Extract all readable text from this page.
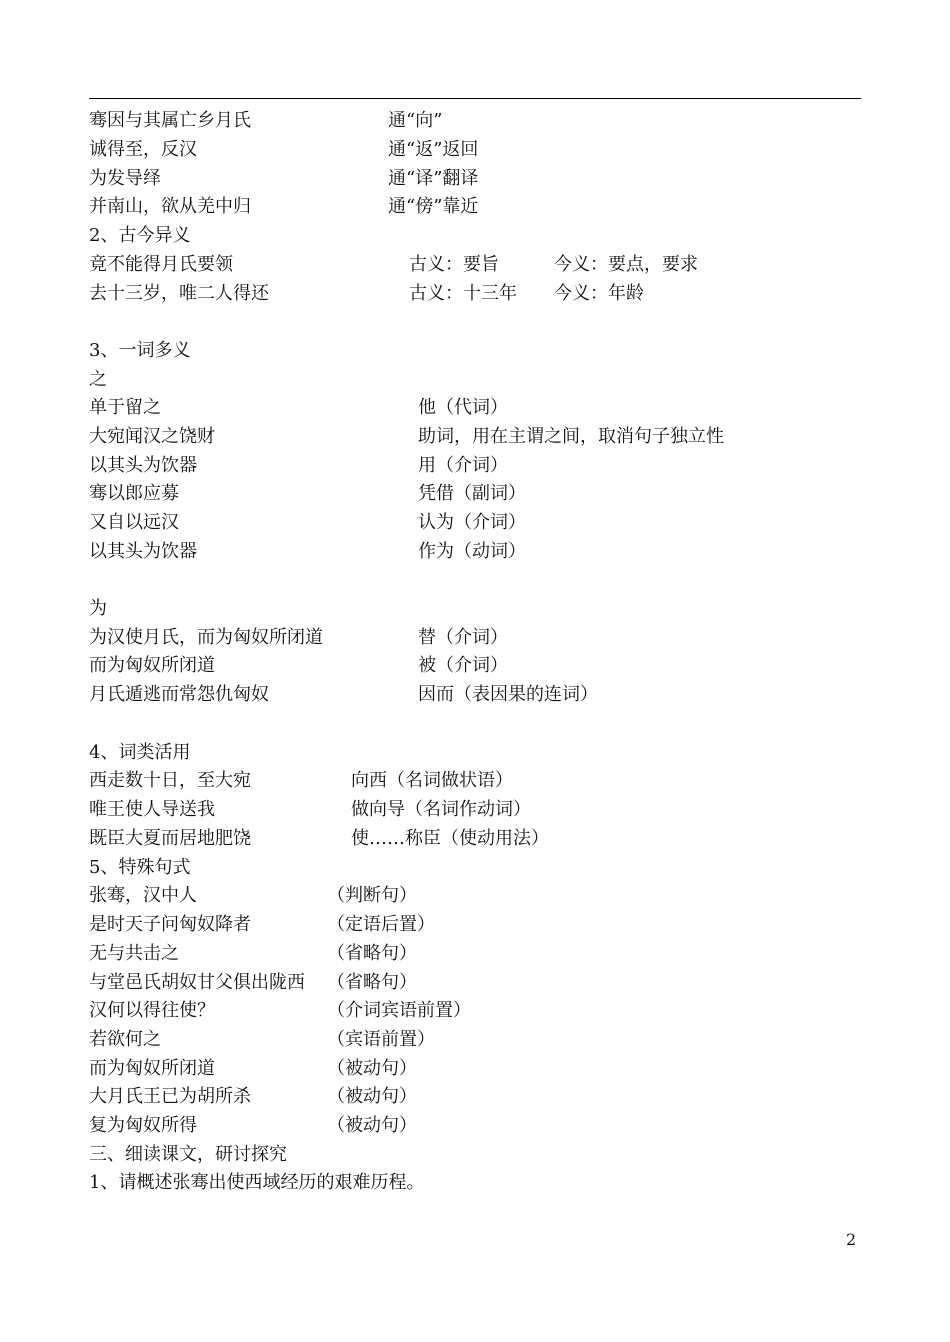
骞因与其属亡乡月氏	通“向”
诚得至，反汉	通“返”返回
为发导绎	通“译”翻译
并南山，欲从羌中归	通“傍”靠近
2、古今异义
竟不能得月氏要领	古义：要旨	今义：要点，要求
去十三岁，唯二人得还	古义：十三年 今义：年龄
3、一词多义
之
单于留之	他（代词）
大宛闻汉之饶财	助词，用在主谓之间，取消句子独立性
以其头为饮器	用（介词）
骞以郎应募	凭借（副词）
又自以远汉	认为（介词）
以其头为饮器	作为（动词）
为
为汉使月氏，而为匈奴所闭道	替（介词）
而为匈奴所闭道	被（介词）
月氏遁逃而常怨仇匈奴	因而（表因果的连词）
4、词类活用
西走数十日，至大宛	向西（名词做状语）
唯王使人导送我	做向导（名词作动词）
既臣大夏而居地肥饶	使……称臣（使动用法）
5、特殊句式
张骞，汉中人	（判断句）
是时天子问匈奴降者	（定语后置）
无与共击之	（省略句）
与堂邑氏胡奴甘父俱出陇西 （省略句）
汉何以得往使？	（介词宾语前置）
若欲何之	（宾语前置）
而为匈奴所闭道	（被动句）
大月氏王已为胡所杀	（被动句）
复为匈奴所得	（被动句）
三、细读课文，研讨探究
1、请概述张骞出使西域经历的艰难历程。
2
